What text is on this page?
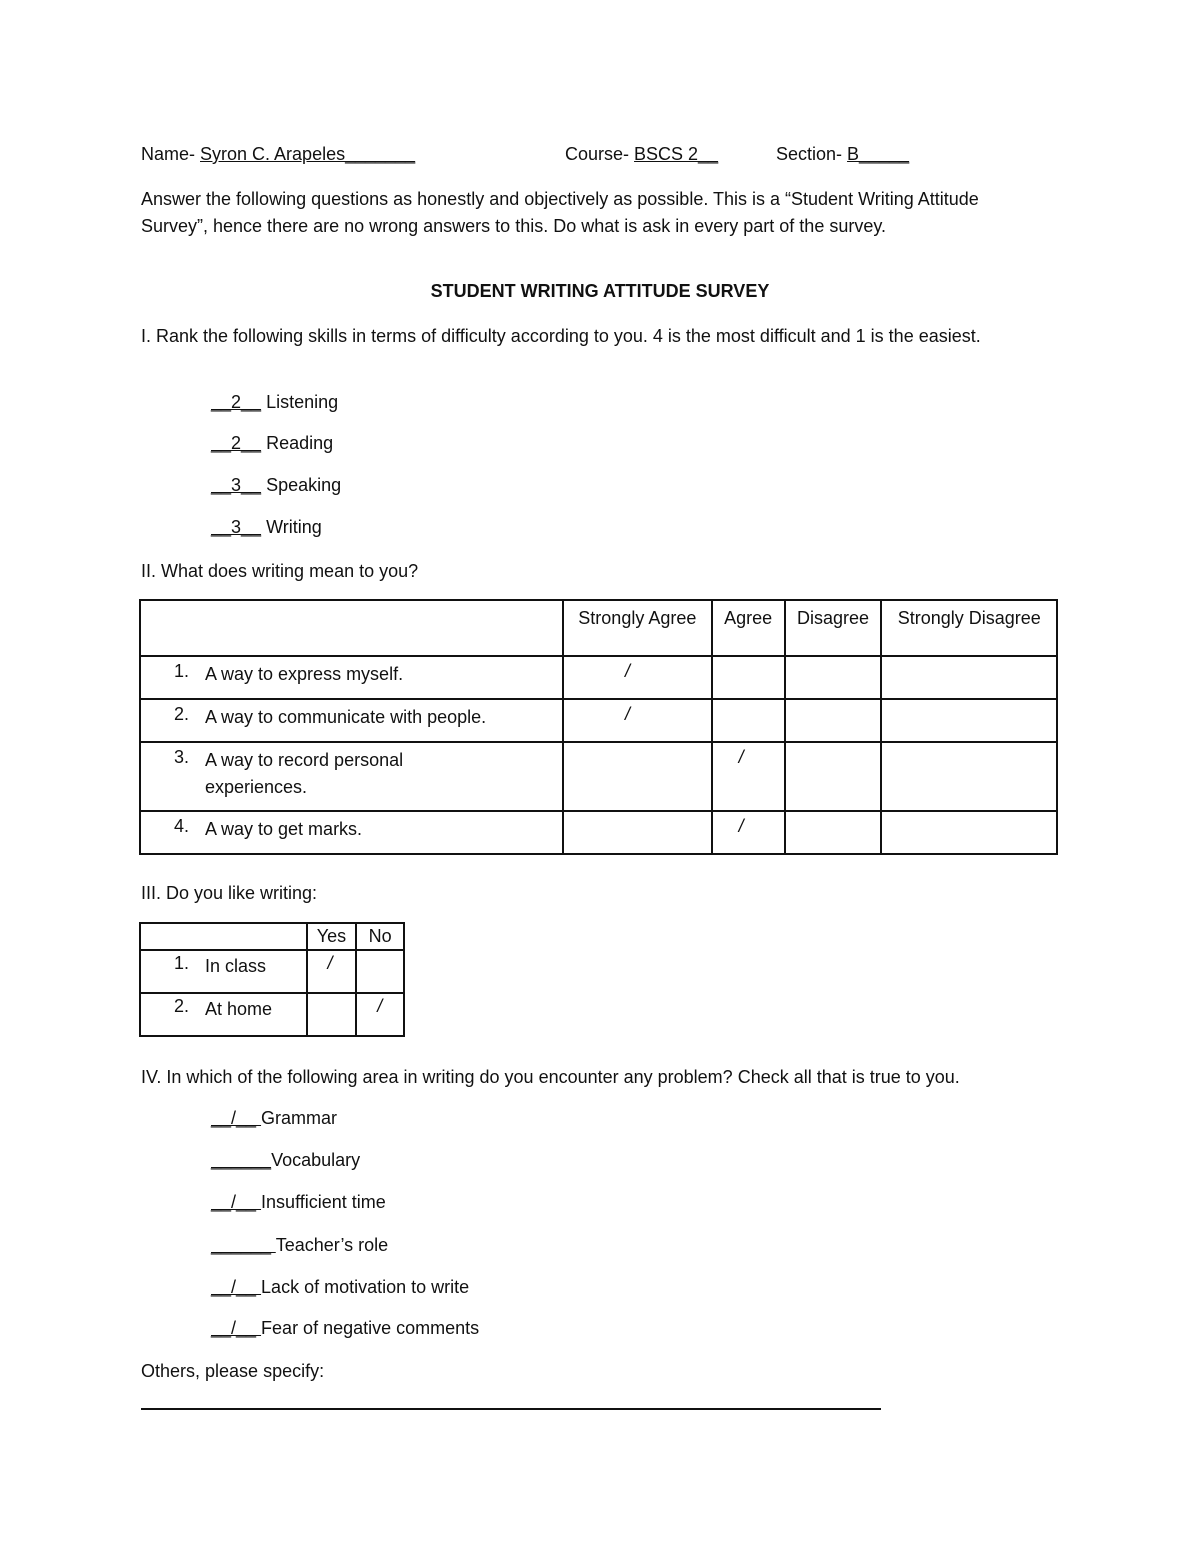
Name- Syron C. Arapeles_______	Course- BSCS 2__	Section- B_____
Answer the following questions as honestly and objectively as possible. This is a “Student Writing Attitude Survey”, hence there are no wrong answers to this. Do what is ask in every part of the survey.
STUDENT WRITING ATTITUDE SURVEY
I. Rank the following skills in terms of difficulty according to you. 4 is the most difficult and 1 is the easiest.
__2__ Listening
__2__ Reading
__3__ Speaking
__3__ Writing
II. What does writing mean to you?
	Strongly Agree	Agree	Disagree	Strongly Disagree
1. A way to express myself.	/			
2. A way to communicate with people.	/			
3. A way to record personal experiences.		/		
4. A way to get marks.		/		
III. Do you like writing:
	Yes	No
1. In class	/	
2. At home		/
IV. In which of the following area in writing do you encounter any problem? Check all that is true to you.
__/__ Grammar
______Vocabulary
__/__ Insufficient time
______ Teacher’s role
__/__ Lack of motivation to write
__/__ Fear of negative comments
Others, please specify:
